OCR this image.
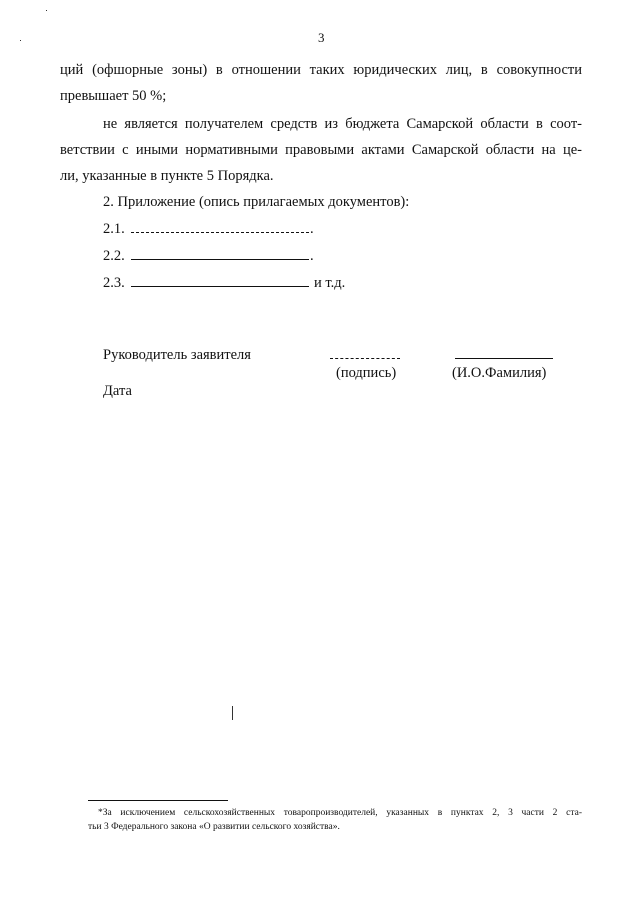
3
ций (офшорные зоны) в отношении таких юридических лиц, в совокупности
превышает 50 %;
не является получателем средств из бюджета Самарской области в соот-
ветствии с иными нормативными правовыми актами Самарской области на це-
ли, указанные в пункте 5 Порядка.
2. Приложение (опись прилагаемых документов):
2.1.	.
2.2.	.
2.3.	и т.д.
Руководитель заявителя
(подпись)	(И.О.Фамилия)
Дата
*За исключением сельскохозяйственных товаропроизводителей, указанных в пунктах 2, 3 части 2 ста-
тьи 3 Федерального закона «О развитии сельского хозяйства».
